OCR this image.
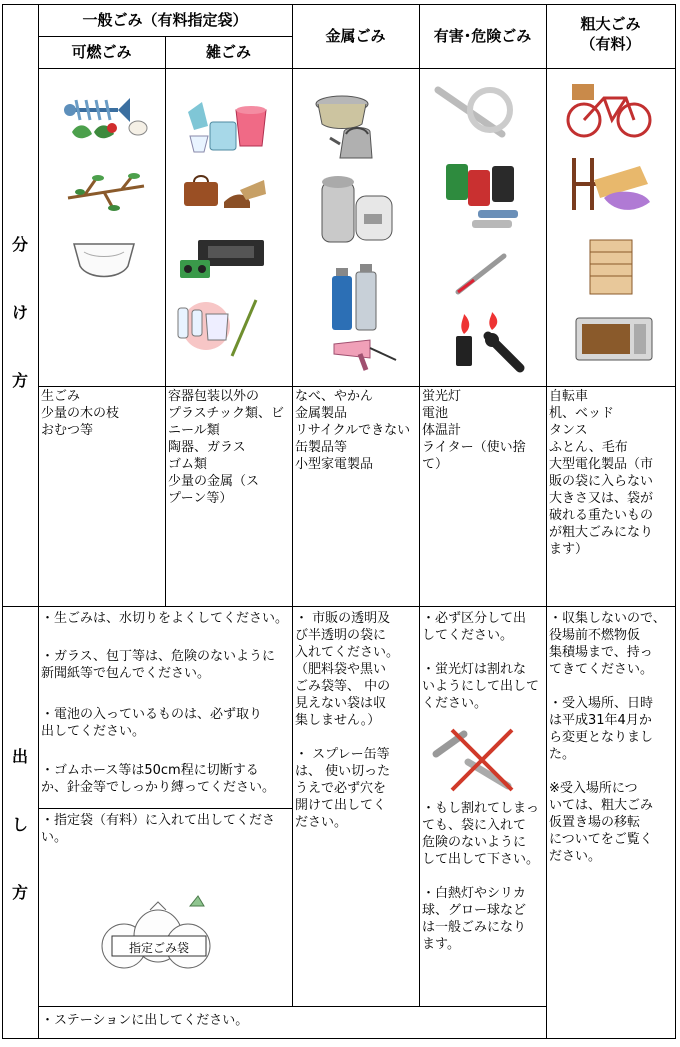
一般ごみ（有料指定袋）
可燃ごみ	雑ごみ
金属ごみ	有害･危険ごみ
粗大ごみ
（有料）
分
け
方
出
し
方
生ごみ
少量の木の枝
おむつ等
容器包装以外の
プラスチック類、ビ
ニール類
陶器、ガラス
ゴム類
少量の金属（ス
プーン等）
なべ、やかん
金属製品
リサイクルできない
缶製品等
小型家電製品
蛍光灯
電池
体温計
ライター（使い捨
て）
自転車
机、ベッド
タンス
ふとん、毛布
大型電化製品（市
販の袋に入らない
大きさ又は、袋が
破れる重たいもの
が粗大ごみになり
ます）
・生ごみは、水切りをよくしてください。
・ガラス、包丁等は、危険のないように
新聞紙等で包んでください。
・電池の入っているものは、必ず取り
出してください。
・ゴムホース等は50cm程に切断する
か、針金等でしっかり縛ってください。
・指定袋（有料）に入れて出してくださ
い。
指定ごみ袋
・ 市販の透明及
び半透明の袋に
入れてください。
（肥料袋や黒い
ごみ袋等、 中の
見えない袋は収
集しません。）

・ スプレー缶等
は、 使い切った
うえで必ず穴を
開けて出してく
ださい。
・必ず区分して出
してください。

・蛍光灯は割れな
いようにして出して
ください。
・もし割れてしまっ
ても、袋に入れて
危険のないように
して出して下さい。

・白熱灯やシリカ
球、グロー球など
は一般ごみになり
ます。
・収集しないので、
役場前不燃物仮
集積場まで、持っ
てきてください。

・受入場所、日時
は平成31年4月か
ら変更となりまし
た。

※受入場所につ
いては、粗大ごみ
仮置き場の移転
についてをご覧く
ださい。
・ステーションに出してください。
